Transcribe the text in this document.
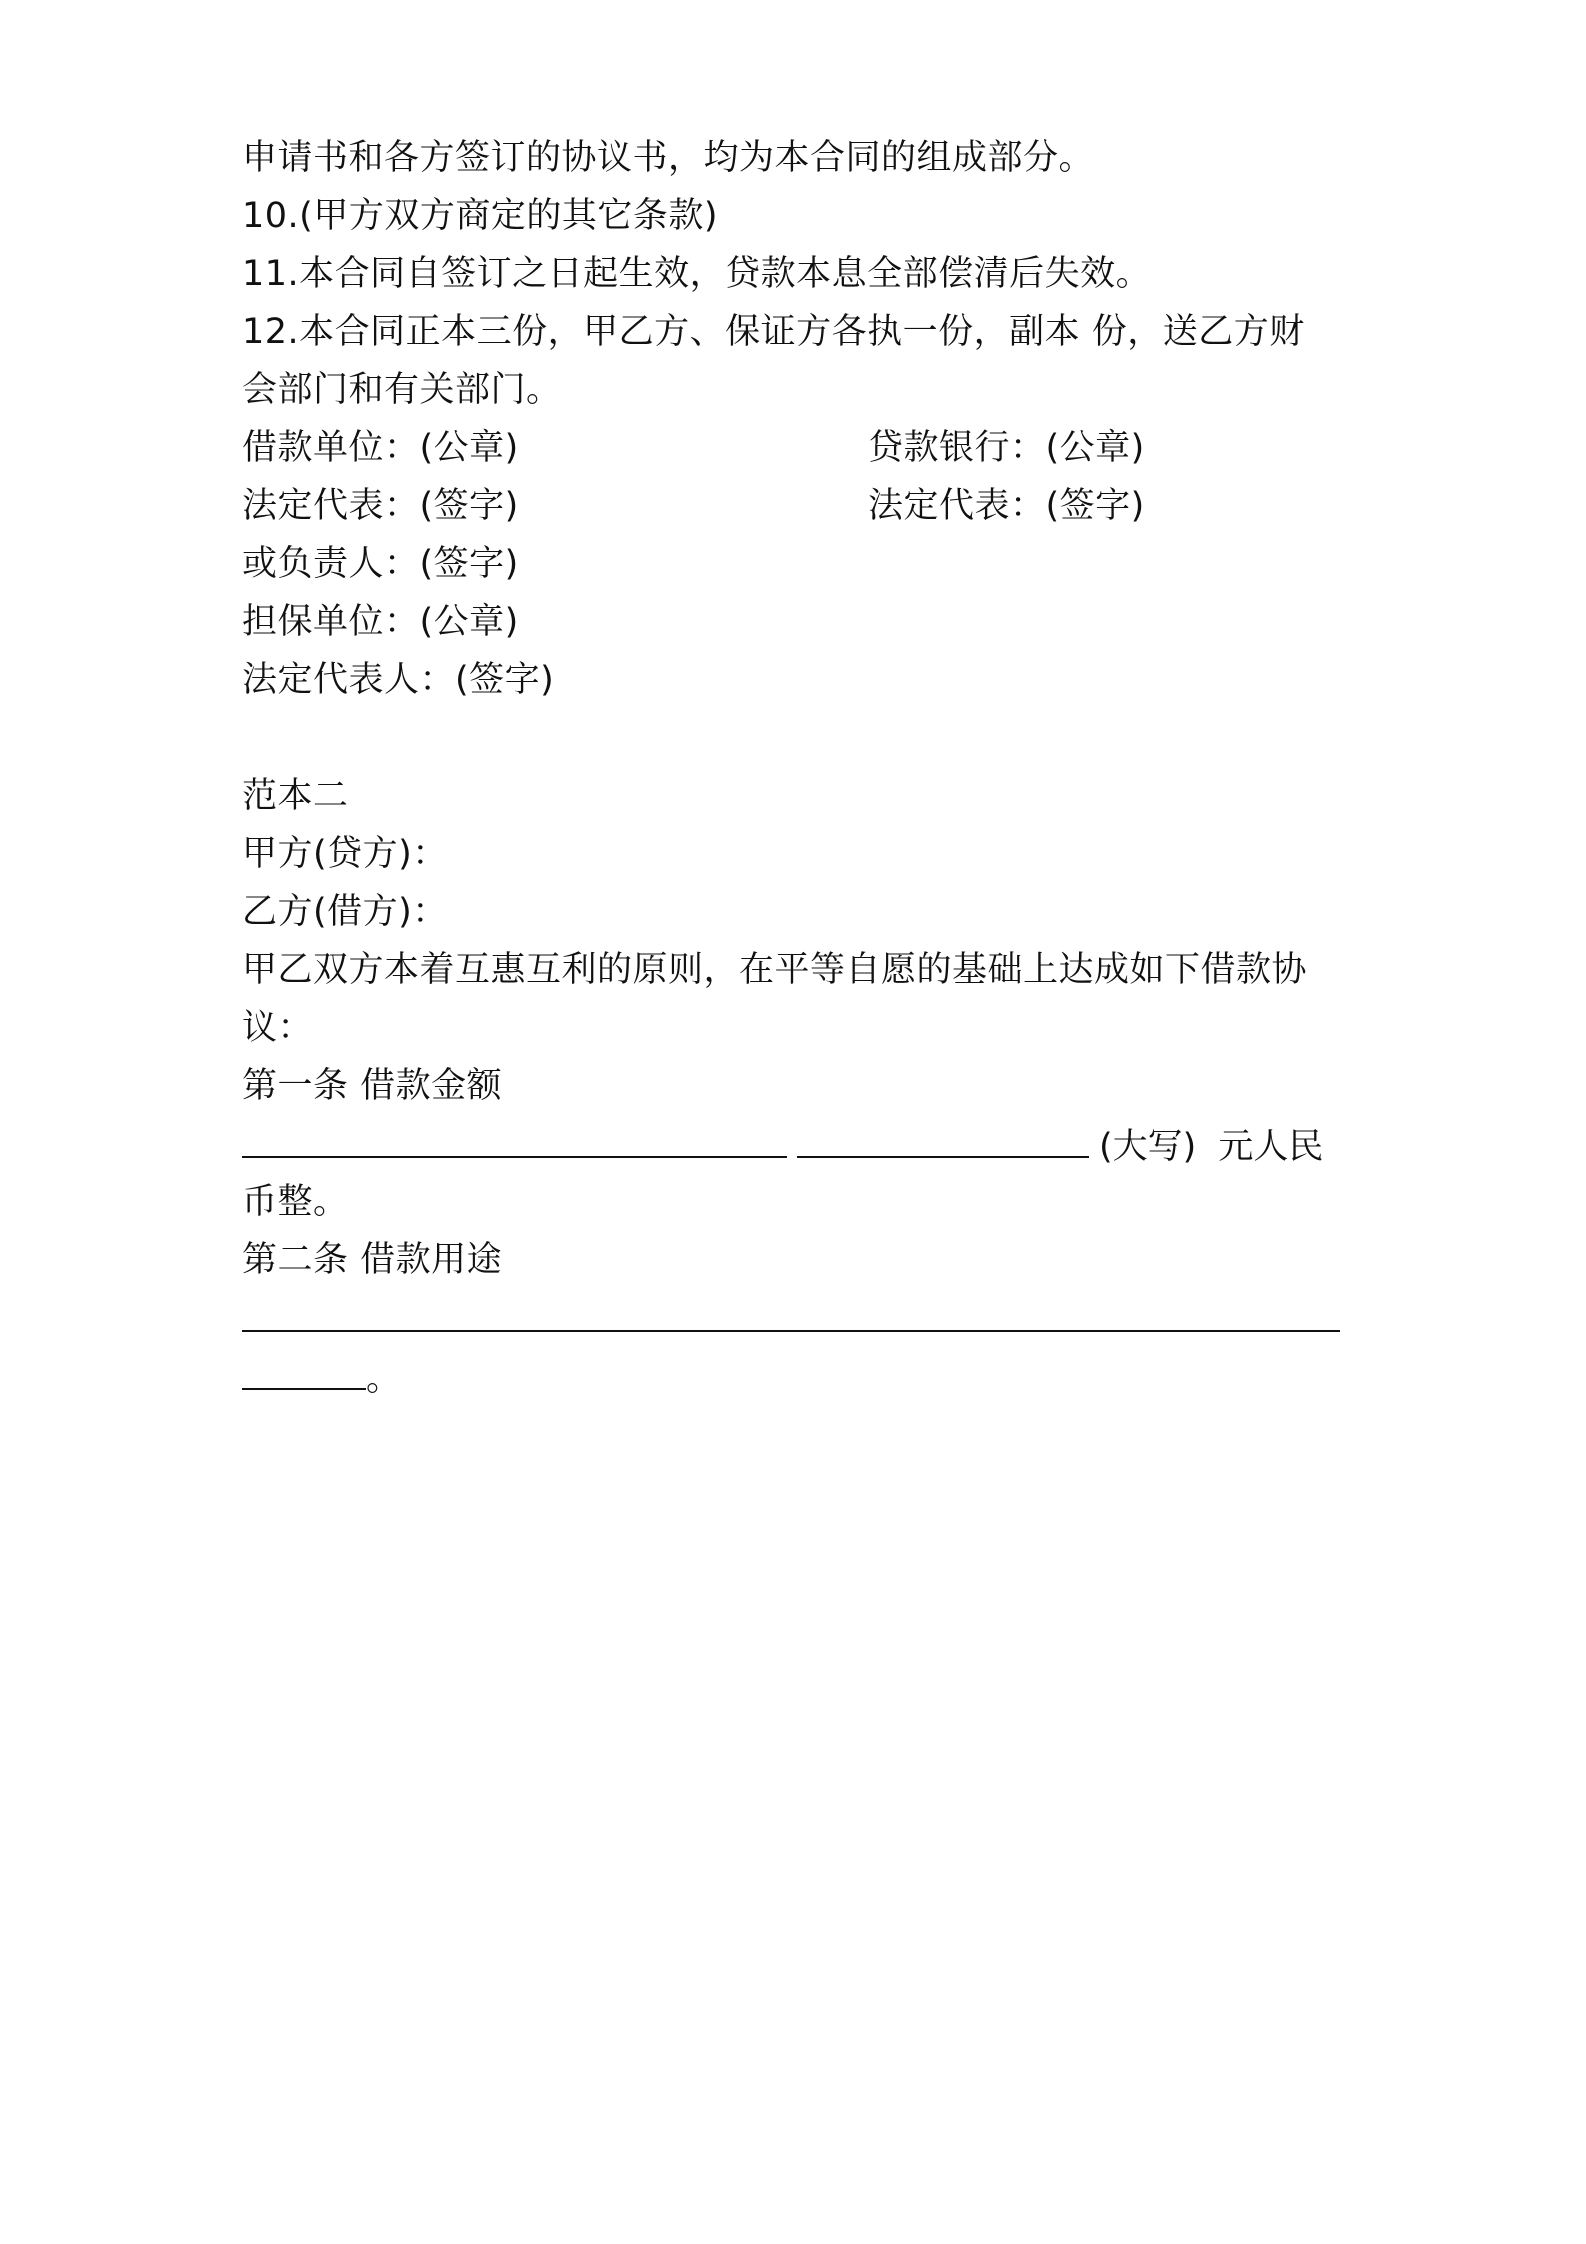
申请书和各方签订的协议书，均为本合同的组成部分。
10.(甲方双方商定的其它条款)
11.本合同自签订之日起生效，贷款本息全部偿清后失效。
12.本合同正本三份，甲乙方、保证方各执一份，副本 份，送乙方财
会部门和有关部门。
借款单位：(公章)	贷款银行：(公章)
法定代表：(签字)	法定代表：(签字)
或负责人：(签字)
担保单位：(公章)
法定代表人：(签字)
范本二
甲方(贷方)：
乙方(借方)：
甲乙双方本着互惠互利的原则，在平等自愿的基础上达成如下借款协
议：
第一条 借款金额
(大写) 元人民
币整。
第二条 借款用途
。
